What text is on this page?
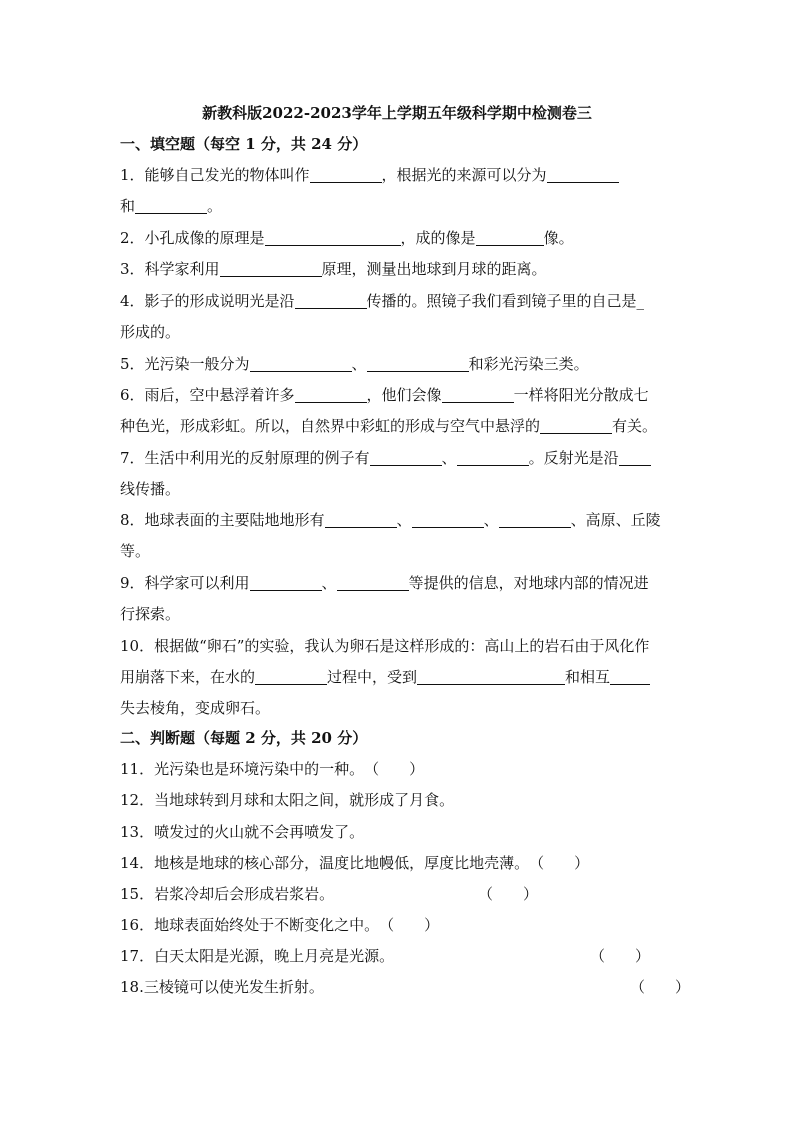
新教科版2022-2023学年上学期五年级科学期中检测卷三
一、填空题（每空 1 分，共 24 分）
1．能够自己发光的物体叫作	，根据光的来源可以分为
和	。
2．小孔成像的原理是	，成的像是	像。
3．科学家利用	原理，测量出地球到月球的距离。
4．影子的形成说明光是沿	传播的。照镜子我们看到镜子里的自己是_
形成的。
5．光污染一般分为	、	和彩光污染三类。
6．雨后，空中悬浮着许多	，他们会像	一样将阳光分散成七
种色光，形成彩虹。所以，自然界中彩虹的形成与空气中悬浮的	有关。
7．生活中利用光的反射原理的例子有	、	。反射光是沿
线传播。
8．地球表面的主要陆地地形有	、	、	、高原、丘陵
等。
9．科学家可以利用	、	等提供的信息，对地球内部的情况进
行探索。
10．根据做“卵石”的实验，我认为卵石是这样形成的：高山上的岩石由于风化作
用崩落下来，在水的	过程中，受到	和相互
失去棱角，变成卵石。
二、判断题（每题 2 分，共 20 分）
11．光污染也是环境污染中的一种。（　　）
12．当地球转到月球和太阳之间，就形成了月食。
13．喷发过的火山就不会再喷发了。
14．地核是地球的核心部分，温度比地幔低，厚度比地壳薄。（　　）
15．岩浆冷却后会形成岩浆岩。	（　　）
16．地球表面始终处于不断变化之中。（　　）
17．白天太阳是光源，晚上月亮是光源。	（　　）
18.三棱镜可以使光发生折射。	（　　）
